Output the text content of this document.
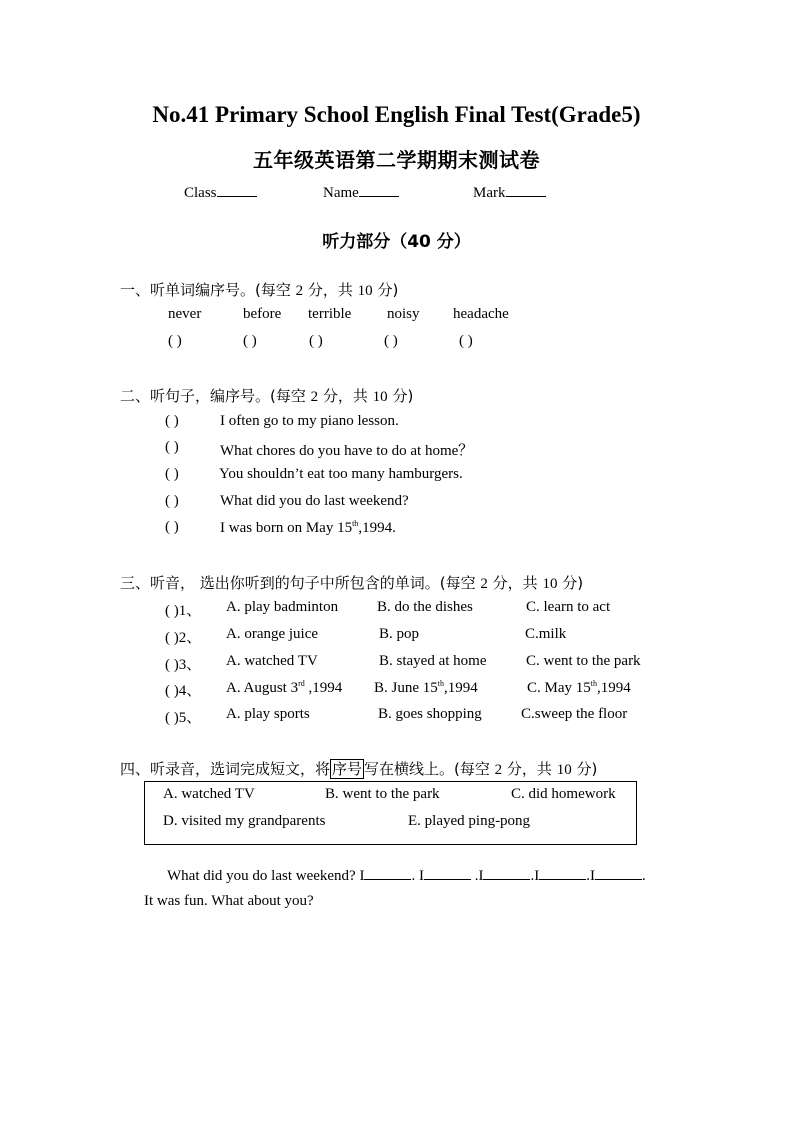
No.41 Primary School English Final Test(Grade5)
五年级英语第二学期期末测试卷
Class	Name	Mark
听力部分（40 分）
一、听单词编序号。(每空 2 分，共 10 分)
never	before terrible noisy headache
( )	( )	( )	( )	( )
二、听句子，编序号。(每空 2 分，共 10 分)
( )	I often go to my piano lesson.
( )	What chores do you have to do at home？
( )	You shouldn’t eat too many hamburgers.
( )	What did you do last weekend?
( )	I was born on May 15th,1994.
三、听音， 选出你听到的句子中所包含的单词。(每空 2 分，共 10 分)
( )1、 A. play badminton	B. do the dishes	C. learn to act
( )2、 A. orange juice	B. pop	C.milk
( )3、 A. watched TV	B. stayed at home	C. went to the park
( )4、 A. August 3rd ,1994 B. June 15th,1994	C. May 15th,1994
( )5、 A. play sports	B. goes shopping	C.sweep the floor
四、听录音，选词完成短文，将 序号 写在横线上。(每空 2 分，共 10 分)
A. watched TV	B. went to the park	C. did homework
D. visited my grandparents	E. played ping-pong
What did you do last weekend? I	. I	.I	.I	.I	.
It was fun. What about you?
